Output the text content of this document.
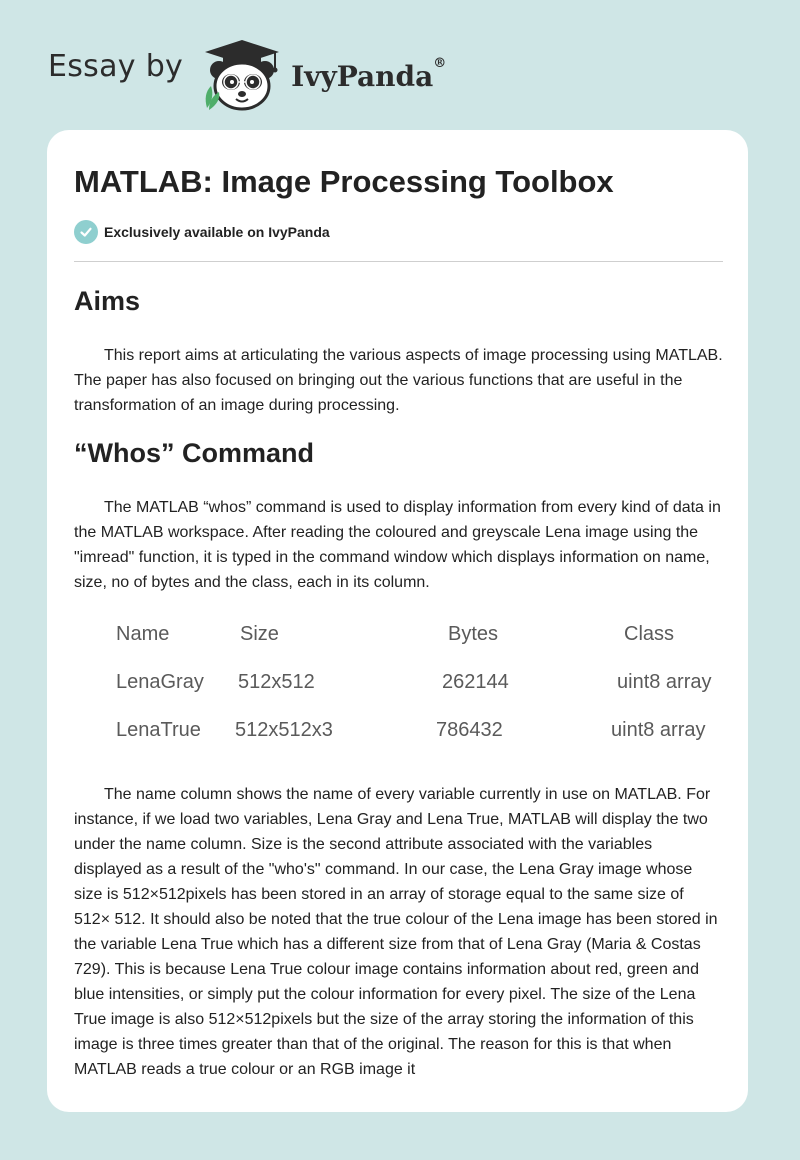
Essay by	IvyPanda®
MATLAB: Image Processing Toolbox
Exclusively available on IvyPanda
Aims

This report aims at articulating the various aspects of image processing using MATLAB. The paper has also focused on bringing out the various functions that are useful in the transformation of an image during processing.

“Whos” Command

The MATLAB “whos” command is used to display information from every kind of data in the MATLAB workspace. After reading the coloured and greyscale Lena image using the "imread" function, it is typed in the command window which displays information on name, size, no of bytes and the class, each in its column.

Name	Size	Bytes	Class
LenaGray 512x512	262144	uint8 array
LenaTrue 512x512x3	786432	uint8 array

The name column shows the name of every variable currently in use on MATLAB. For instance, if we load two variables, Lena Gray and Lena True, MATLAB will display the two under the name column. Size is the second attribute associated with the variables displayed as a result of the "who's" command. In our case, the Lena Gray image whose size is 512×512pixels has been stored in an array of storage equal to the same size of 512× 512. It should also be noted that the true colour of the Lena image has been stored in the variable Lena True which has a different size from that of Lena Gray (Maria & Costas 729). This is because Lena True colour image contains information about red, green and blue intensities, or simply put the colour information for every pixel. The size of the Lena True image is also 512×512pixels but the size of the array storing the information of this image is three times greater than that of the original. The reason for this is that when MATLAB reads a true colour or an RGB image it
